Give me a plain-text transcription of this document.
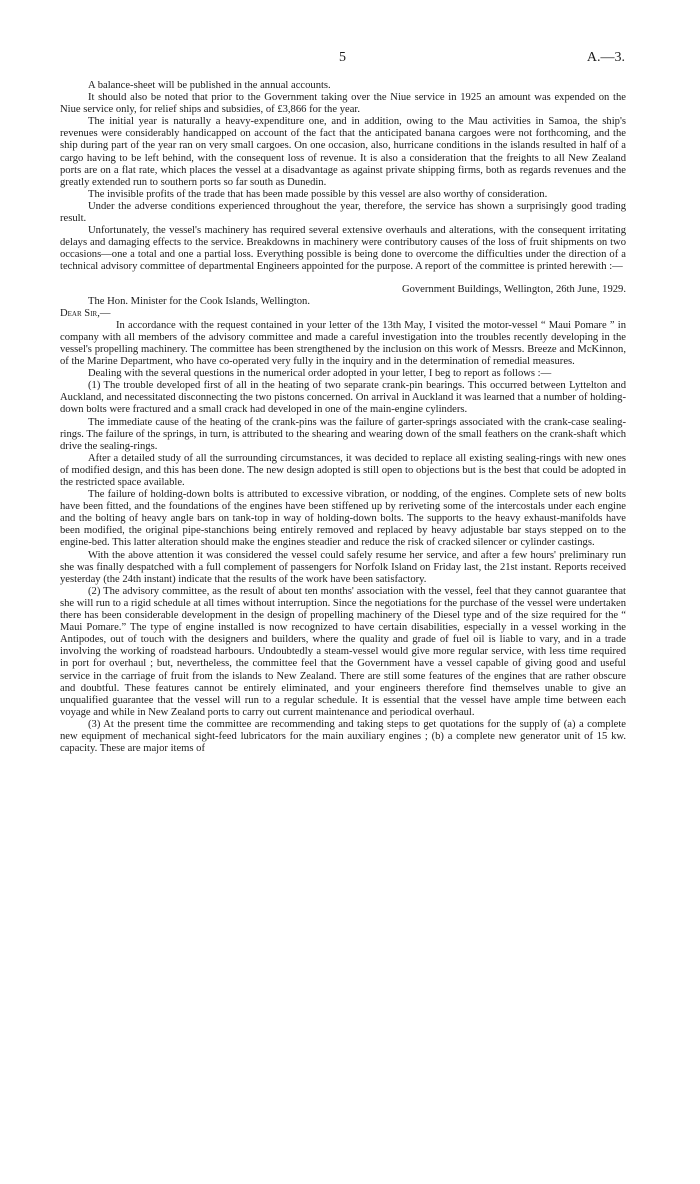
5	A.—3.

A balance-sheet will be published in the annual accounts.

It should also be noted that prior to the Government taking over the Niue service in 1925 an amount was expended on the Niue service only, for relief ships and subsidies, of £3,866 for the year.

The initial year is naturally a heavy-expenditure one, and in addition, owing to the Mau activities in Samoa, the ship's revenues were considerably handicapped on account of the fact that the anticipated banana cargoes were not forthcoming, and the ship during part of the year ran on very small cargoes. On one occasion, also, hurricane conditions in the islands resulted in half of a cargo having to be left behind, with the consequent loss of revenue. It is also a consideration that the freights to all New Zealand ports are on a flat rate, which places the vessel at a disadvantage as against private shipping firms, both as regards revenues and the greatly extended run to southern ports so far south as Dunedin.

The invisible profits of the trade that has been made possible by this vessel are also worthy of consideration.

Under the adverse conditions experienced throughout the year, therefore, the service has shown a surprisingly good trading result.

Unfortunately, the vessel's machinery has required several extensive overhauls and alterations, with the consequent irritating delays and damaging effects to the service. Breakdowns in machinery were contributory causes of the loss of fruit shipments on two occasions—one a total and one a partial loss. Everything possible is being done to overcome the difficulties under the direction of a technical advisory committee of departmental Engineers appointed for the purpose. A report of the committee is printed herewith :—

Government Buildings, Wellington, 26th June, 1929.

The Hon. Minister for the Cook Islands, Wellington.

Dear Sir,—

In accordance with the request contained in your letter of the 13th May, I visited the motor-vessel “ Maui Pomare ” in company with all members of the advisory committee and made a careful investigation into the troubles recently developing in the vessel's propelling machinery. The committee has been strengthened by the inclusion on this work of Messrs. Breeze and McKinnon, of the Marine Department, who have co-operated very fully in the inquiry and in the determination of remedial measures.

Dealing with the several questions in the numerical order adopted in your letter, I beg to report as follows :—

(1) The trouble developed first of all in the heating of two separate crank-pin bearings. This occurred between Lyttelton and Auckland, and necessitated disconnecting the two pistons concerned. On arrival in Auckland it was learned that a number of holding-down bolts were fractured and a small crack had developed in one of the main-engine cylinders.

The immediate cause of the heating of the crank-pins was the failure of garter-springs associated with the crank-case sealing-rings. The failure of the springs, in turn, is attributed to the shearing and wearing down of the small feathers on the crank-shaft which drive the sealing-rings.

After a detailed study of all the surrounding circumstances, it was decided to replace all existing sealing-rings with new ones of modified design, and this has been done. The new design adopted is still open to objections but is the best that could be adopted in the restricted space available.

The failure of holding-down bolts is attributed to excessive vibration, or nodding, of the engines. Complete sets of new bolts have been fitted, and the foundations of the engines have been stiffened up by reriveting some of the intercostals under each engine and the bolting of heavy angle bars on tank-top in way of holding-down bolts. The supports to the heavy exhaust-manifolds have been modified, the original pipe-stanchions being entirely removed and replaced by heavy adjustable bar stays stepped on to the engine-bed. This latter alteration should make the engines steadier and reduce the risk of cracked silencer or cylinder castings.

With the above attention it was considered the vessel could safely resume her service, and after a few hours' preliminary run she was finally despatched with a full complement of passengers for Norfolk Island on Friday last, the 21st instant. Reports received yesterday (the 24th instant) indicate that the results of the work have been satisfactory.

(2) The advisory committee, as the result of about ten months' association with the vessel, feel that they cannot guarantee that she will run to a rigid schedule at all times without interruption. Since the negotiations for the purchase of the vessel were undertaken there has been considerable development in the design of propelling machinery of the Diesel type and of the size required for the “ Maui Pomare.” The type of engine installed is now recognized to have certain disabilities, especially in a vessel working in the Antipodes, out of touch with the designers and builders, where the quality and grade of fuel oil is liable to vary, and in a trade involving the working of roadstead harbours. Undoubtedly a steam-vessel would give more regular service, with less time required in port for overhaul ; but, nevertheless, the committee feel that the Government have a vessel capable of giving good and useful service in the carriage of fruit from the islands to New Zealand. There are still some features of the engines that are rather obscure and doubtful. These features cannot be entirely eliminated, and your engineers therefore find themselves unable to give an unqualified guarantee that the vessel will run to a regular schedule. It is essential that the vessel have ample time between each voyage and while in New Zealand ports to carry out current maintenance and periodical overhaul.

(3) At the present time the committee are recommending and taking steps to get quotations for the supply of (a) a complete new equipment of mechanical sight-feed lubricators for the main auxiliary engines ; (b) a complete new generator unit of 15 kw. capacity. These are major items of
